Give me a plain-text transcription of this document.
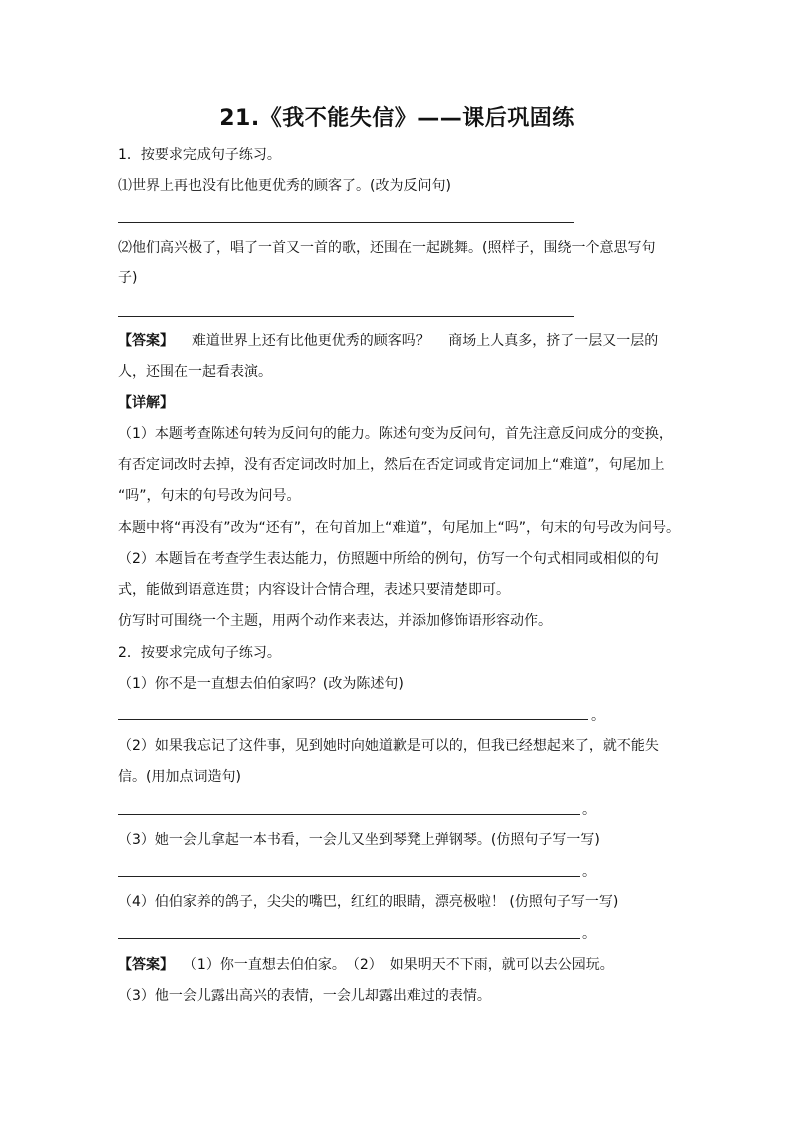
21.《我不能失信》——课后巩固练
1．按要求完成句子练习。
⑴世界上再也没有比他更优秀的顾客了。(改为反问句)
⑵他们高兴极了，唱了一首又一首的歌，还围在一起跳舞。(照样子，围绕一个意思写句
子)
【答案】 难道世界上还有比他更优秀的顾客吗？　 商场上人真多，挤了一层又一层的
人，还围在一起看表演。
【详解】
（1）本题考查陈述句转为反问句的能力。陈述句变为反问句，首先注意反问成分的变换，
有否定词改时去掉，没有否定词改时加上，然后在否定词或肯定词加上“难道”，句尾加上
“吗”，句末的句号改为问号。
本题中将“再没有”改为“还有”，在句首加上“难道”，句尾加上“吗”，句末的句号改为问号。
（2）本题旨在考查学生表达能力，仿照题中所给的例句，仿写一个句式相同或相似的句
式，能做到语意连贯；内容设计合情合理，表述只要清楚即可。
仿写时可围绕一个主题，用两个动作来表达，并添加修饰语形容动作。
2．按要求完成句子练习。
（1）你不是一直想去伯伯家吗？(改为陈述句)
。
（2）如果我忘记了这件事，见到她时向她道歉是可以的，但我已经想起来了，就不能失
信。(用加点词造句)
。
（3）她一会儿拿起一本书看，一会儿又坐到琴凳上弹钢琴。(仿照句子写一写)
。
（4）伯伯家养的鸽子，尖尖的嘴巴，红红的眼睛，漂亮极啦！ (仿照句子写一写)
。
【答案】 （1）你一直想去伯伯家。　（2）　如果明天不下雨，就可以去公园玩。
（3）他一会儿露出高兴的表情，一会儿却露出难过的表情。
